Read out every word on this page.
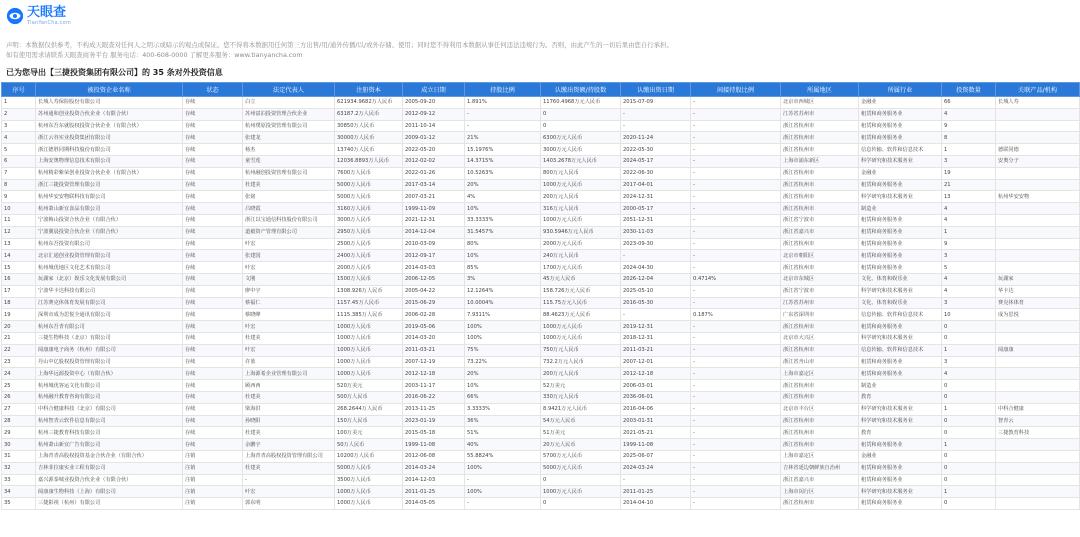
天眼查
TianYanCha.com
声明：本数据仅供参考，不构成天眼查对任何人之明示或暗示的观点或保证。您不得将本数据用任何第三方出售/用/通外传播/以/或外存储、使用；同时您不得利用本数据从事任何违法违规行为。否则，由此产生的一切后果由您自行承担。
如有使用需求请联系天眼查商务平台 服务电话：400-608-0000 了解更多服务：www.tianyancha.com
已为您导出【三捷投资集团有限公司】的 35 条对外投资信息
序号	被投资企业名称	状态	法定代表人	注册资本	成立日期	持股比例	认缴出资额/持股数	认缴出资日期	间接持股比例	所属地区	所属行业	投资数量	关联产品/机构
1	长城人寿保险股份有限公司	存续	白立	621934.9682万人民币	2005-09-20	1.891%	11760.4968万元人民币	2015-07-09	-	北京市西城区	金融业	66	长城人寿
2	苏州通和创业投资合伙企业（有限合伙）	存续	苏州富泊投资管理合伙企业	63187.2万人民币	2012-09-12	-	0	-	-	江苏省苏州市	租赁和商务服务业	4	
3	杭州东吾东就股权投资合伙企业（有限合伙）	存续	杭州璞原投资管理有限公司	30850万人民币	2011-10-14	-	0	-	-	浙江省杭州市	租赁和商务服务业	9	
4	浙江云谷实业投资集团有限公司	存续	张建龙	30000万人民币	2009-01-12	21%	6300万元人民币	2020-11-24	-	浙江省杭州市	租赁和商务服务业	8	
5	浙江德胜同期科技股份有限公司	存续	杨杰	13740万人民币	2022-05-20	15.1976%	3000万元人民币	2022-05-30	-	浙江省杭州市	信息传输、软件和信息技术	1	德联同德
6	上海安奥物理信息技术有限公司	存续	童雪莲	12036.8893万人民币	2012-02-02	14.3715%	1403.2678万元人民币	2024-05-17	-	上海市浦东新区	科学研究和技术服务业	3	安奥分子
7	杭州精彩紫荣创业投资合伙企业（有限合伙）	存续	杭州融创投资管理有限公司	7600万人民币	2022-01-26	10.5263%	800万元人民币	2022-06-30	-	浙江省杭州市	金融业	19	
8	浙江三捷投资管理有限公司	存续	杜建美	5000万人民币	2017-03-14	20%	1000万元人民币	2017-04-01	-	浙江省杭州市	租赁和商务服务业	21	
9	杭州华安安物联科技有限公司	存续	张铭	5000万人民币	2007-03-21	4%	200万元人民币	2024-12-31	-	浙江省杭州市	科学研究和技术服务业	13	杭州华安安物
10	杭州萧山新宜食品有限公司	存续	吕晓霞	3160万人民币	1999-11-09	10%	316万元人民币	2000-05-17	-	浙江省杭州市	制造业	4	
11	宁波梅山投资合伙企业（有限合伙）	存续	浙江以宝通信科技股份有限公司	3000万人民币	2021-12-31	33.3333%	1000万元人民币	2051-12-31	-	浙江省宁波市	租赁和商务服务业	4	
12	宁波翼晨投资合伙企业（有限合伙）	存续	道毅资产管理有限公司	2950万人民币	2014-12-04	31.5457%	930.5946万元人民币	2030-11-03	-	浙江省嘉兴市	租赁和商务服务业	1	
13	杭州东吾投资有限公司	存续	叶宏	2500万人民币	2010-03-09	80%	2000万元人民币	2023-09-30	-	浙江省杭州市	租赁和商务服务业	9	
14	北京汇通创业投资管理有限公司	存续	张建国	2400万人民币	2012-09-17	10%	240万元人民币	-	-	北京市朝阳区	租赁和商务服务业	3	
15	杭州城优地区文化艺术有限公司	存续	叶宏	2000万人民币	2014-03-03	85%	1700万元人民币	2024-04-30	-	浙江省杭州市	租赁和商务服务业	5	
16	玩湖家（北京）娱乐文化发展有限公司	存续	文刚	1500万人民币	2006-12-05	3%	45万元人民币	2026-12-04	0.4714%	北京市东城区	文化、体育和娱乐业	4	玩湖家
17	宁波华卡达科技有限公司	存续	廖中宇	1308.926万人民币	2005-04-22	12.1264%	158.726万元人民币	2025-05-10	-	浙江省宁波市	科学研究和技术服务业	4	华卡达
18	江苏赛克休体育发展有限公司	存续	蔡福仁	1157.45万人民币	2015-06-29	10.0004%	115.75万元人民币	2016-05-30	-	江苏省苏州市	文化、体育和娱乐业	3	赛克休体育
19	深圳市成为思悦全通讯有限公司	存续	蔡晓峰	1115.385万人民币	2006-02-28	7.9311%	88.4623万元人民币	-	0.187%	广东省深圳市	信息传输、软件和信息技术	10	成为思悦
20	杭州东吾青有限公司	存续	叶宏	1000万人民币	2019-05-06	100%	1000万元人民币	2019-12-31	-	浙江省杭州市	租赁和商务服务业	0	
21	三捷生物科技（北京）有限公司	存续	杜建美	1000万人民币	2014-03-20	100%	1000万元人民币	2018-12-31	-	北京市大兴区	科学研究和技术服务业	0	
22	阅康康电子商务（杭州）有限公司	存续	叶宏	1000万人民币	2011-03-21	75%	750万元人民币	2011-03-21	-	浙江省杭州市	信息传输、软件和信息技术	1	阅康康
23	丹山中亿股权投资管理有限公司	存续	许蓝	1000万人民币	2007-12-19	73.22%	732.2万元人民币	2007-12-01	-	浙江省舟山市	租赁和商务服务业	3	
24	上海华远源投资中心（有限合伙）	存续	上海源希企业管理有限公司	1000万人民币	2012-12-18	20%	200万元人民币	2012-12-18	-	上海市嘉定区	租赁和商务服务业	4	
25	杭州城优客运文化有限公司	存续	顾西西	520万美元	2003-11-17	10%	52万美元	2006-03-01	-	浙江省杭州市	制造业	0	
26	杭州融升教育咨询有限公司	存续	杜建美	500万人民币	2016-06-22	66%	330万元人民币	2036-06-01	-	浙江省杭州市	教育	0	
27	中科合健康科技（北京）有限公司	存续	梁海洪	268.2644万人民币	2013-11-25	3.3333%	8.9421万元人民币	2016-04-06	-	北京市丰台区	科学研究和技术服务业	1	中科合健康
28	杭州智青云软件信息有限公司	存续	孙晓阳	150万人民币	2023-01-19	36%	54万元人民币	2003-01-31	-	浙江省杭州市	科学研究和技术服务业	0	智青云
29	杭州三捷教育科技有限公司	存续	杜建美	100万美元	2015-05-18	51%	51万美元	2021-05-21	-	浙江省杭州市	教育	0	三捷教育科技
30	杭州萧山新宜广告有限公司	存续	余鹏宇	50万人民币	1999-11-08	40%	20万元人民币	1999-11-08	-	浙江省杭州市	租赁和商务服务业	1	
31	上海青青高股权投资基金合伙企业（有限合伙）	注销	上海青青高股权投资管理有限公司	10200万人民币	2012-06-08	55.8824%	5700万元人民币	2025-06-07	-	上海市嘉定区	金融业	0	
32	吉林菲拉康实业工程有限公司	注销	杜建美	5000万人民币	2014-03-24	100%	5000万元人民币	2024-03-24	-	吉林省延边朝鲜族自治州	租赁和商务服务业	0	
33	嘉兴源泰城业投资合伙企业（有限合伙）	注销	-	3500万人民币	2014-12-03	-	0	-	-	浙江省嘉兴市	租赁和商务服务业	0	
34	阅康康生物科技（上海）有限公司	注销	叶宏	1000万人民币	2011-01-25	100%	1000万元人民币	2011-01-25	-	上海市闵行区	科学研究和技术服务业	1	
35	三捷影视（杭州）有限公司	注销	郭东明	1000万人民币	2014-05-05	-	0	2014-04-10	-	浙江省杭州市	租赁和商务服务业	0	
